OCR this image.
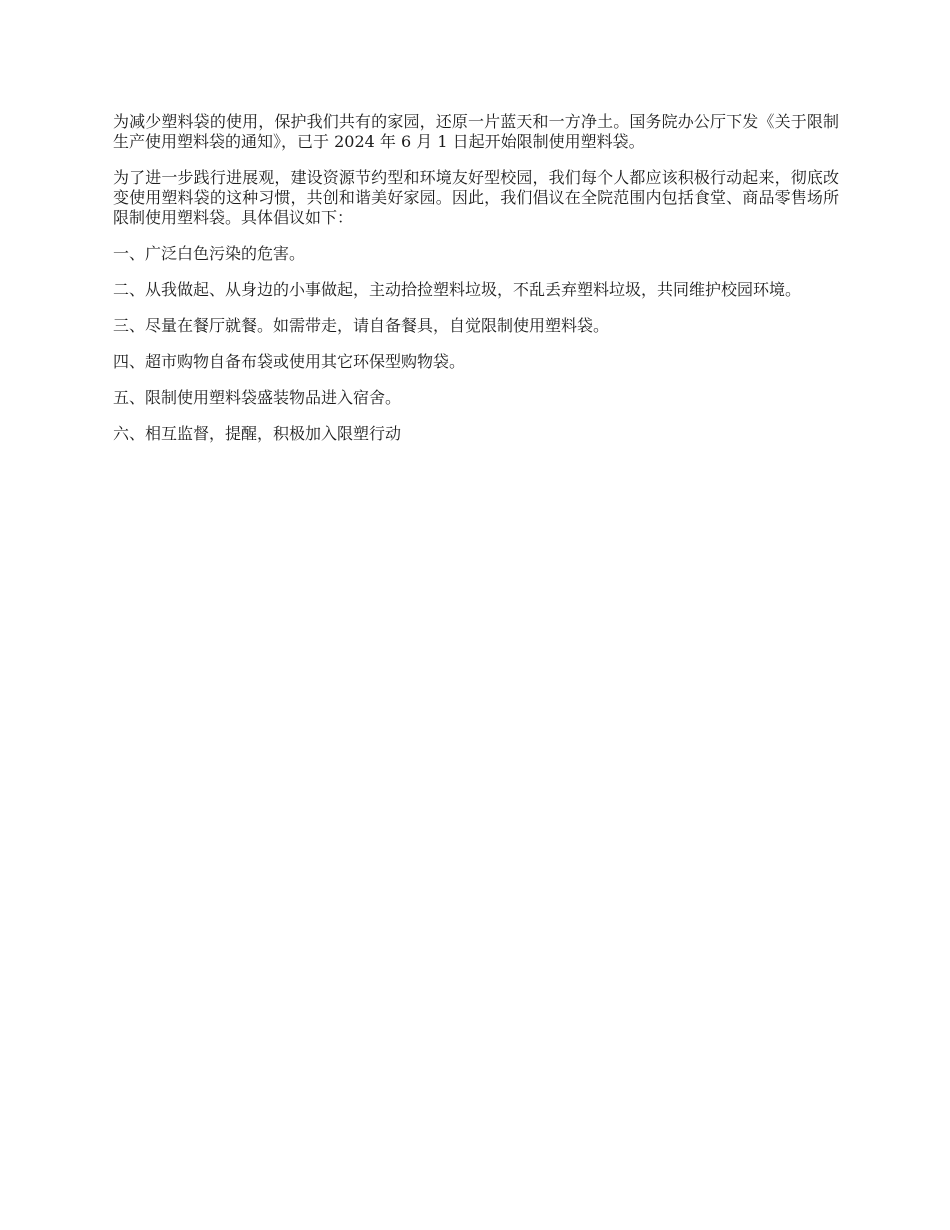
为减少塑料袋的使用，保护我们共有的家园，还原一片蓝天和一方净土。国务院办公厅下发《关于限制生产使用塑料袋的通知》，已于 2024 年 6 月 1 日起开始限制使用塑料袋。

为了进一步践行进展观，建设资源节约型和环境友好型校园，我们每个人都应该积极行动起来，彻底改变使用塑料袋的这种习惯，共创和谐美好家园。因此，我们倡议在全院范围内包括食堂、商品零售场所限制使用塑料袋。具体倡议如下：

一、广泛白色污染的危害。

二、从我做起、从身边的小事做起，主动拾捡塑料垃圾，不乱丢弃塑料垃圾，共同维护校园环境。

三、尽量在餐厅就餐。如需带走，请自备餐具，自觉限制使用塑料袋。

四、超市购物自备布袋或使用其它环保型购物袋。

五、限制使用塑料袋盛装物品进入宿舍。

六、相互监督，提醒，积极加入限塑行动
